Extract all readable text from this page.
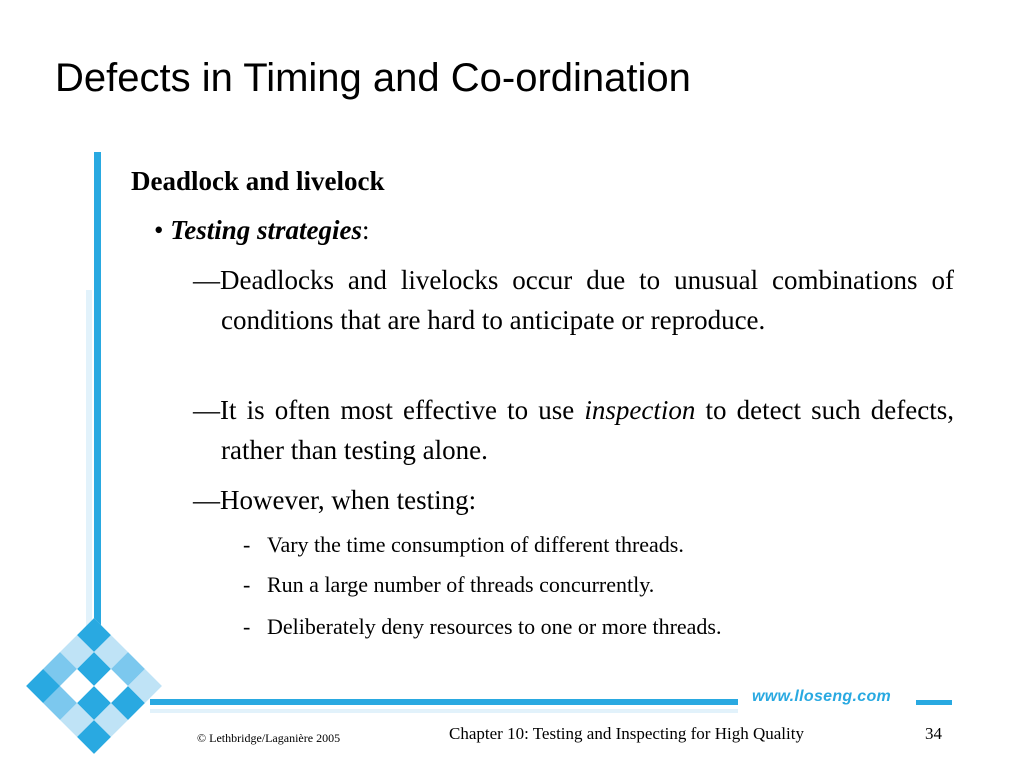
www.lloseng.com
Defects in Timing and Co-ordination
Deadlock and livelock
• Testing strategies:
—Deadlocks and livelocks occur due to unusual combinations of conditions that are hard to anticipate or reproduce.
—It is often most effective to use inspection to detect such defects, rather than testing alone.
—However, when testing:
- Vary the time consumption of different threads.
- Run a large number of threads concurrently.
- Deliberately deny resources to one or more threads.
© Lethbridge/Laganière 2005	Chapter 10: Testing and Inspecting for High Quality	34
